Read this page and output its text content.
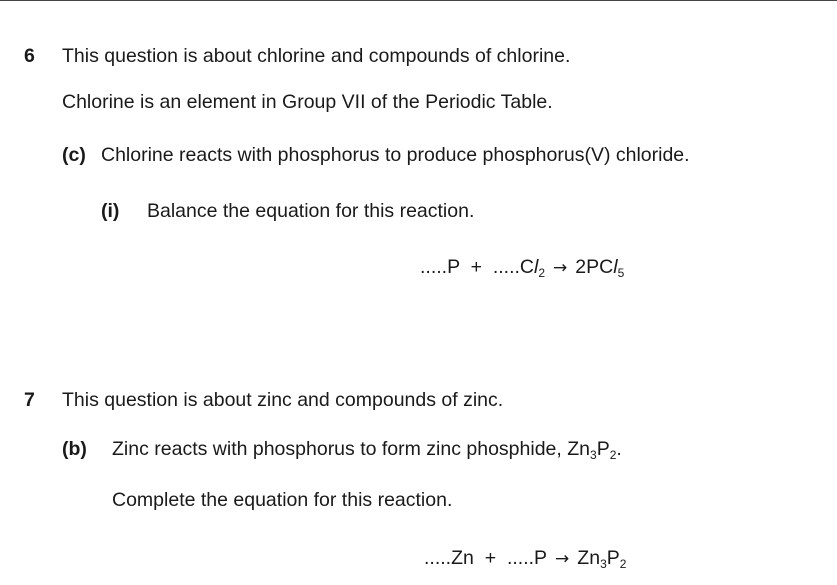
6 This question is about chlorine and compounds of chlorine.
Chlorine is an element in Group VII of the Periodic Table.
(c) Chlorine reacts with phosphorus to produce phosphorus(V) chloride.
(i) Balance the equation for this reaction.
$.....P + .....Cl_2 \to 2PCl_5$
7 This question is about zinc and compounds of zinc.
(b) Zinc reacts with phosphorus to form zinc phosphide, $Zn_3P_2$.
Complete the equation for this reaction.
$.....Zn + .....P \to Zn_3P_2$
